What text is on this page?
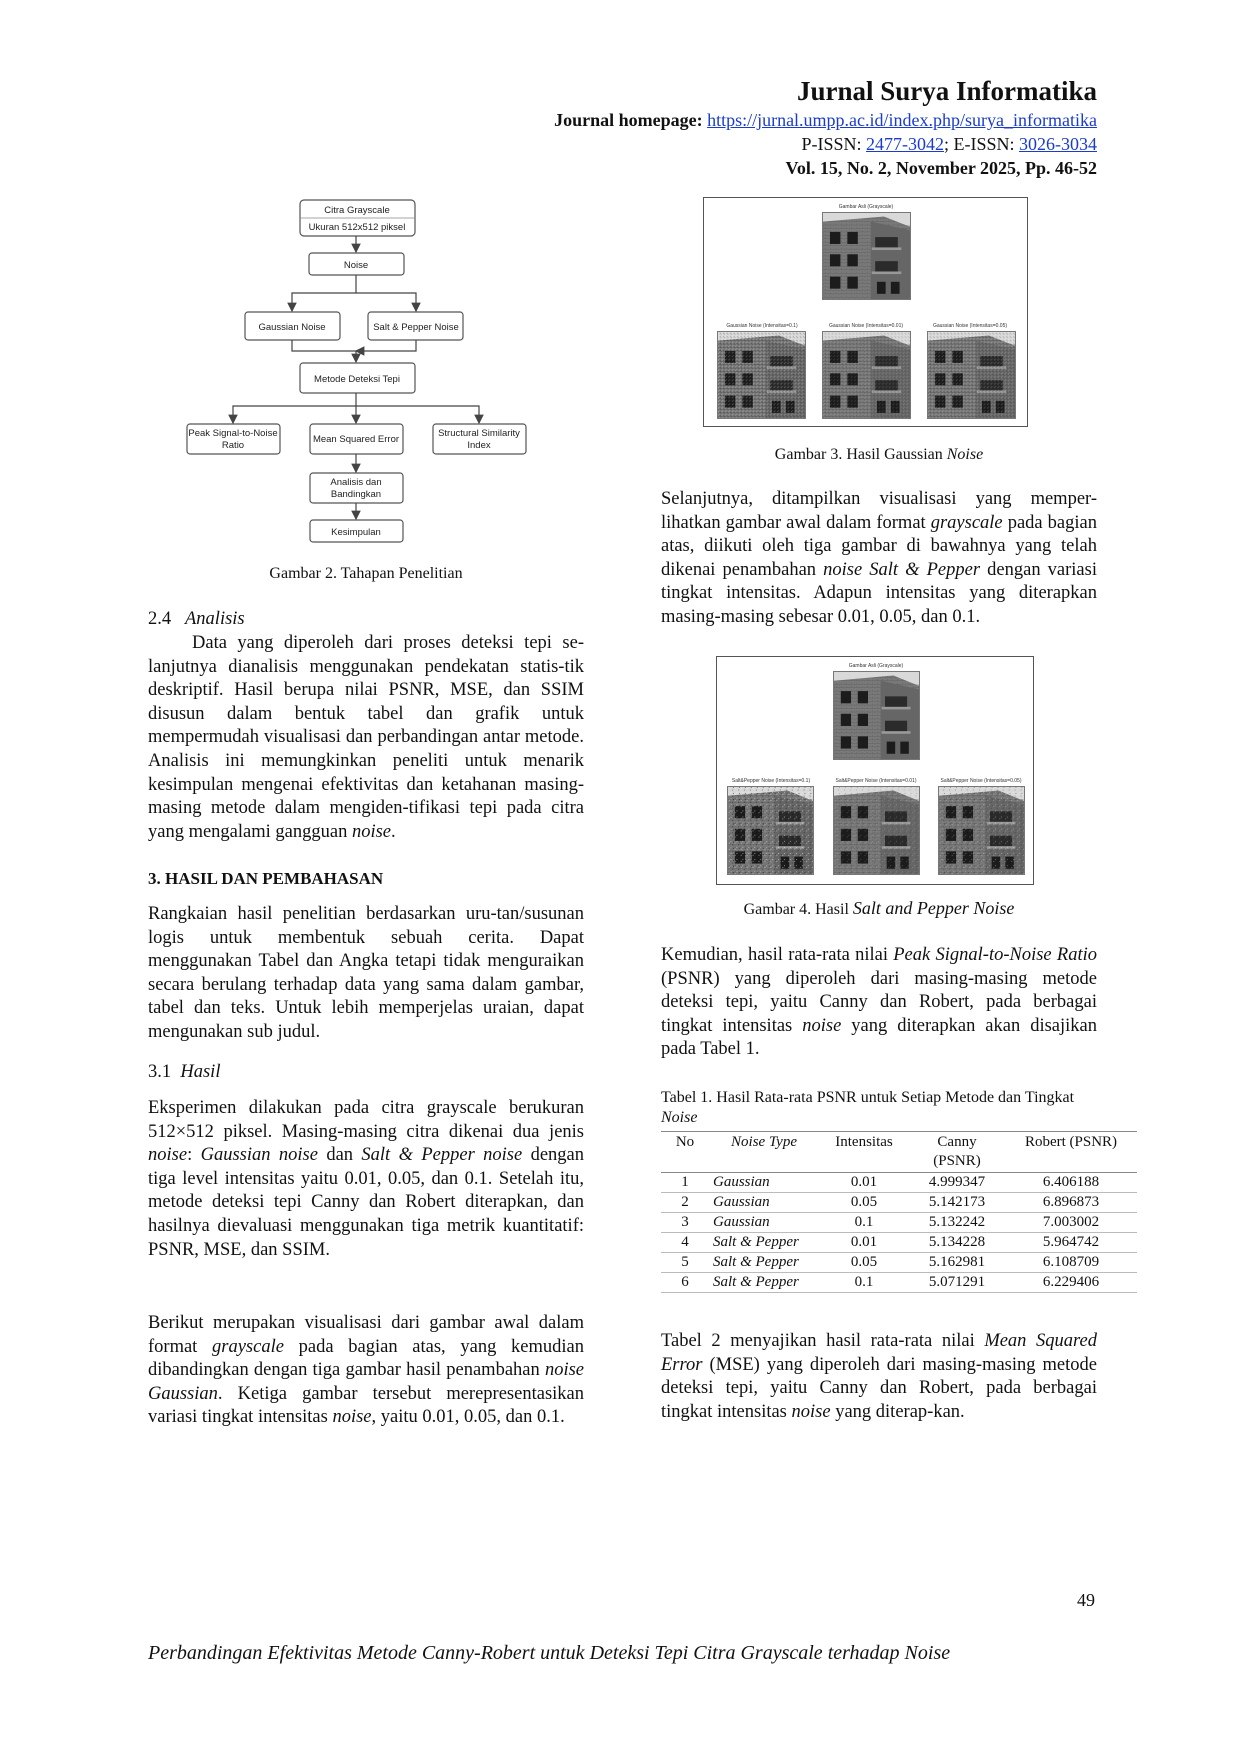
Jurnal Surya Informatika
Journal homepage: https://jurnal.umpp.ac.id/index.php/surya_informatika
P-ISSN: 2477-3042; E-ISSN: 3026-3034
Vol. 15, No. 2, November 2025, Pp. 46-52
Citra Grayscale
Ukuran 512x512 piksel
Noise
Gaussian Noise	Salt & Pepper Noise
Metode Deteksi Tepi
Peak Signal-to-Noise
Ratio
Mean Squared Error
Structural Similarity
Index
Analisis dan
Bandingkan
Kesimpulan
Gambar 2. Tahapan Penelitian
2.4 Analisis
Data yang diperoleh dari proses deteksi tepi se-lanjutnya dianalisis menggunakan pendekatan statis-tik deskriptif. Hasil berupa nilai PSNR, MSE, dan SSIM disusun dalam bentuk tabel dan grafik untuk mempermudah visualisasi dan perbandingan antar metode. Analisis ini memungkinkan peneliti untuk menarik kesimpulan mengenai efektivitas dan ketahanan masing-masing metode dalam mengiden-tifikasi tepi pada citra yang mengalami gangguan noise.
3. HASIL DAN PEMBAHASAN
Rangkaian hasil penelitian berdasarkan uru-tan/susunan logis untuk membentuk sebuah cerita. Dapat menggunakan Tabel dan Angka tetapi tidak menguraikan secara berulang terhadap data yang sama dalam gambar, tabel dan teks. Untuk lebih memperjelas uraian, dapat mengunakan sub judul.
3.1 Hasil
Eksperimen dilakukan pada citra grayscale berukuran 512×512 piksel. Masing-masing citra dikenai dua jenis noise: Gaussian noise dan Salt & Pepper noise dengan tiga level intensitas yaitu 0.01, 0.05, dan 0.1. Setelah itu, metode deteksi tepi Canny dan Robert diterapkan, dan hasilnya dievaluasi menggunakan tiga metrik kuantitatif: PSNR, MSE, dan SSIM.
Berikut merupakan visualisasi dari gambar awal dalam format grayscale pada bagian atas, yang kemudian dibandingkan dengan tiga gambar hasil penambahan noise Gaussian. Ketiga gambar tersebut merepresentasikan variasi tingkat intensitas noise, yaitu 0.01, 0.05, dan 0.1.
Gambar Asli (Grayscale)
Gaussian Noise (Intensitas=0.1)	Gaussian Noise (Intensitas=0.01)	Gaussian Noise (Intensitas=0.05)
Gambar 3. Hasil Gaussian Noise
Selanjutnya, ditampilkan visualisasi yang memper-lihatkan gambar awal dalam format grayscale pada bagian atas, diikuti oleh tiga gambar di bawahnya yang telah dikenai penambahan noise Salt & Pepper dengan variasi tingkat intensitas. Adapun intensitas yang diterapkan masing-masing sebesar 0.01, 0.05, dan 0.1.
Gambar Asli (Grayscale)
Salt&Pepper Noise (Intensitas=0.1)	Salt&Pepper Noise (Intensitas=0.01)	Salt&Pepper Noise (Intensitas=0.05)
Gambar 4. Hasil Salt and Pepper Noise
Kemudian, hasil rata-rata nilai Peak Signal-to-Noise Ratio (PSNR) yang diperoleh dari masing-masing metode deteksi tepi, yaitu Canny dan Robert, pada berbagai tingkat intensitas noise yang diterapkan akan disajikan pada Tabel 1.
Tabel 1. Hasil Rata-rata PSNR untuk Setiap Metode dan Tingkat Noise
No	Noise Type	Intensitas	Canny (PSNR)	Robert (PSNR)
1	Gaussian	0.01	4.999347	6.406188
2	Gaussian	0.05	5.142173	6.896873
3	Gaussian	0.1	5.132242	7.003002
4	Salt & Pepper	0.01	5.134228	5.964742
5	Salt & Pepper	0.05	5.162981	6.108709
6	Salt & Pepper	0.1	5.071291	6.229406
Tabel 2 menyajikan hasil rata-rata nilai Mean Squared Error (MSE) yang diperoleh dari masing-masing metode deteksi tepi, yaitu Canny dan Robert, pada berbagai tingkat intensitas noise yang diterap-kan.
49
Perbandingan Efektivitas Metode Canny-Robert untuk Deteksi Tepi Citra Grayscale terhadap Noise
